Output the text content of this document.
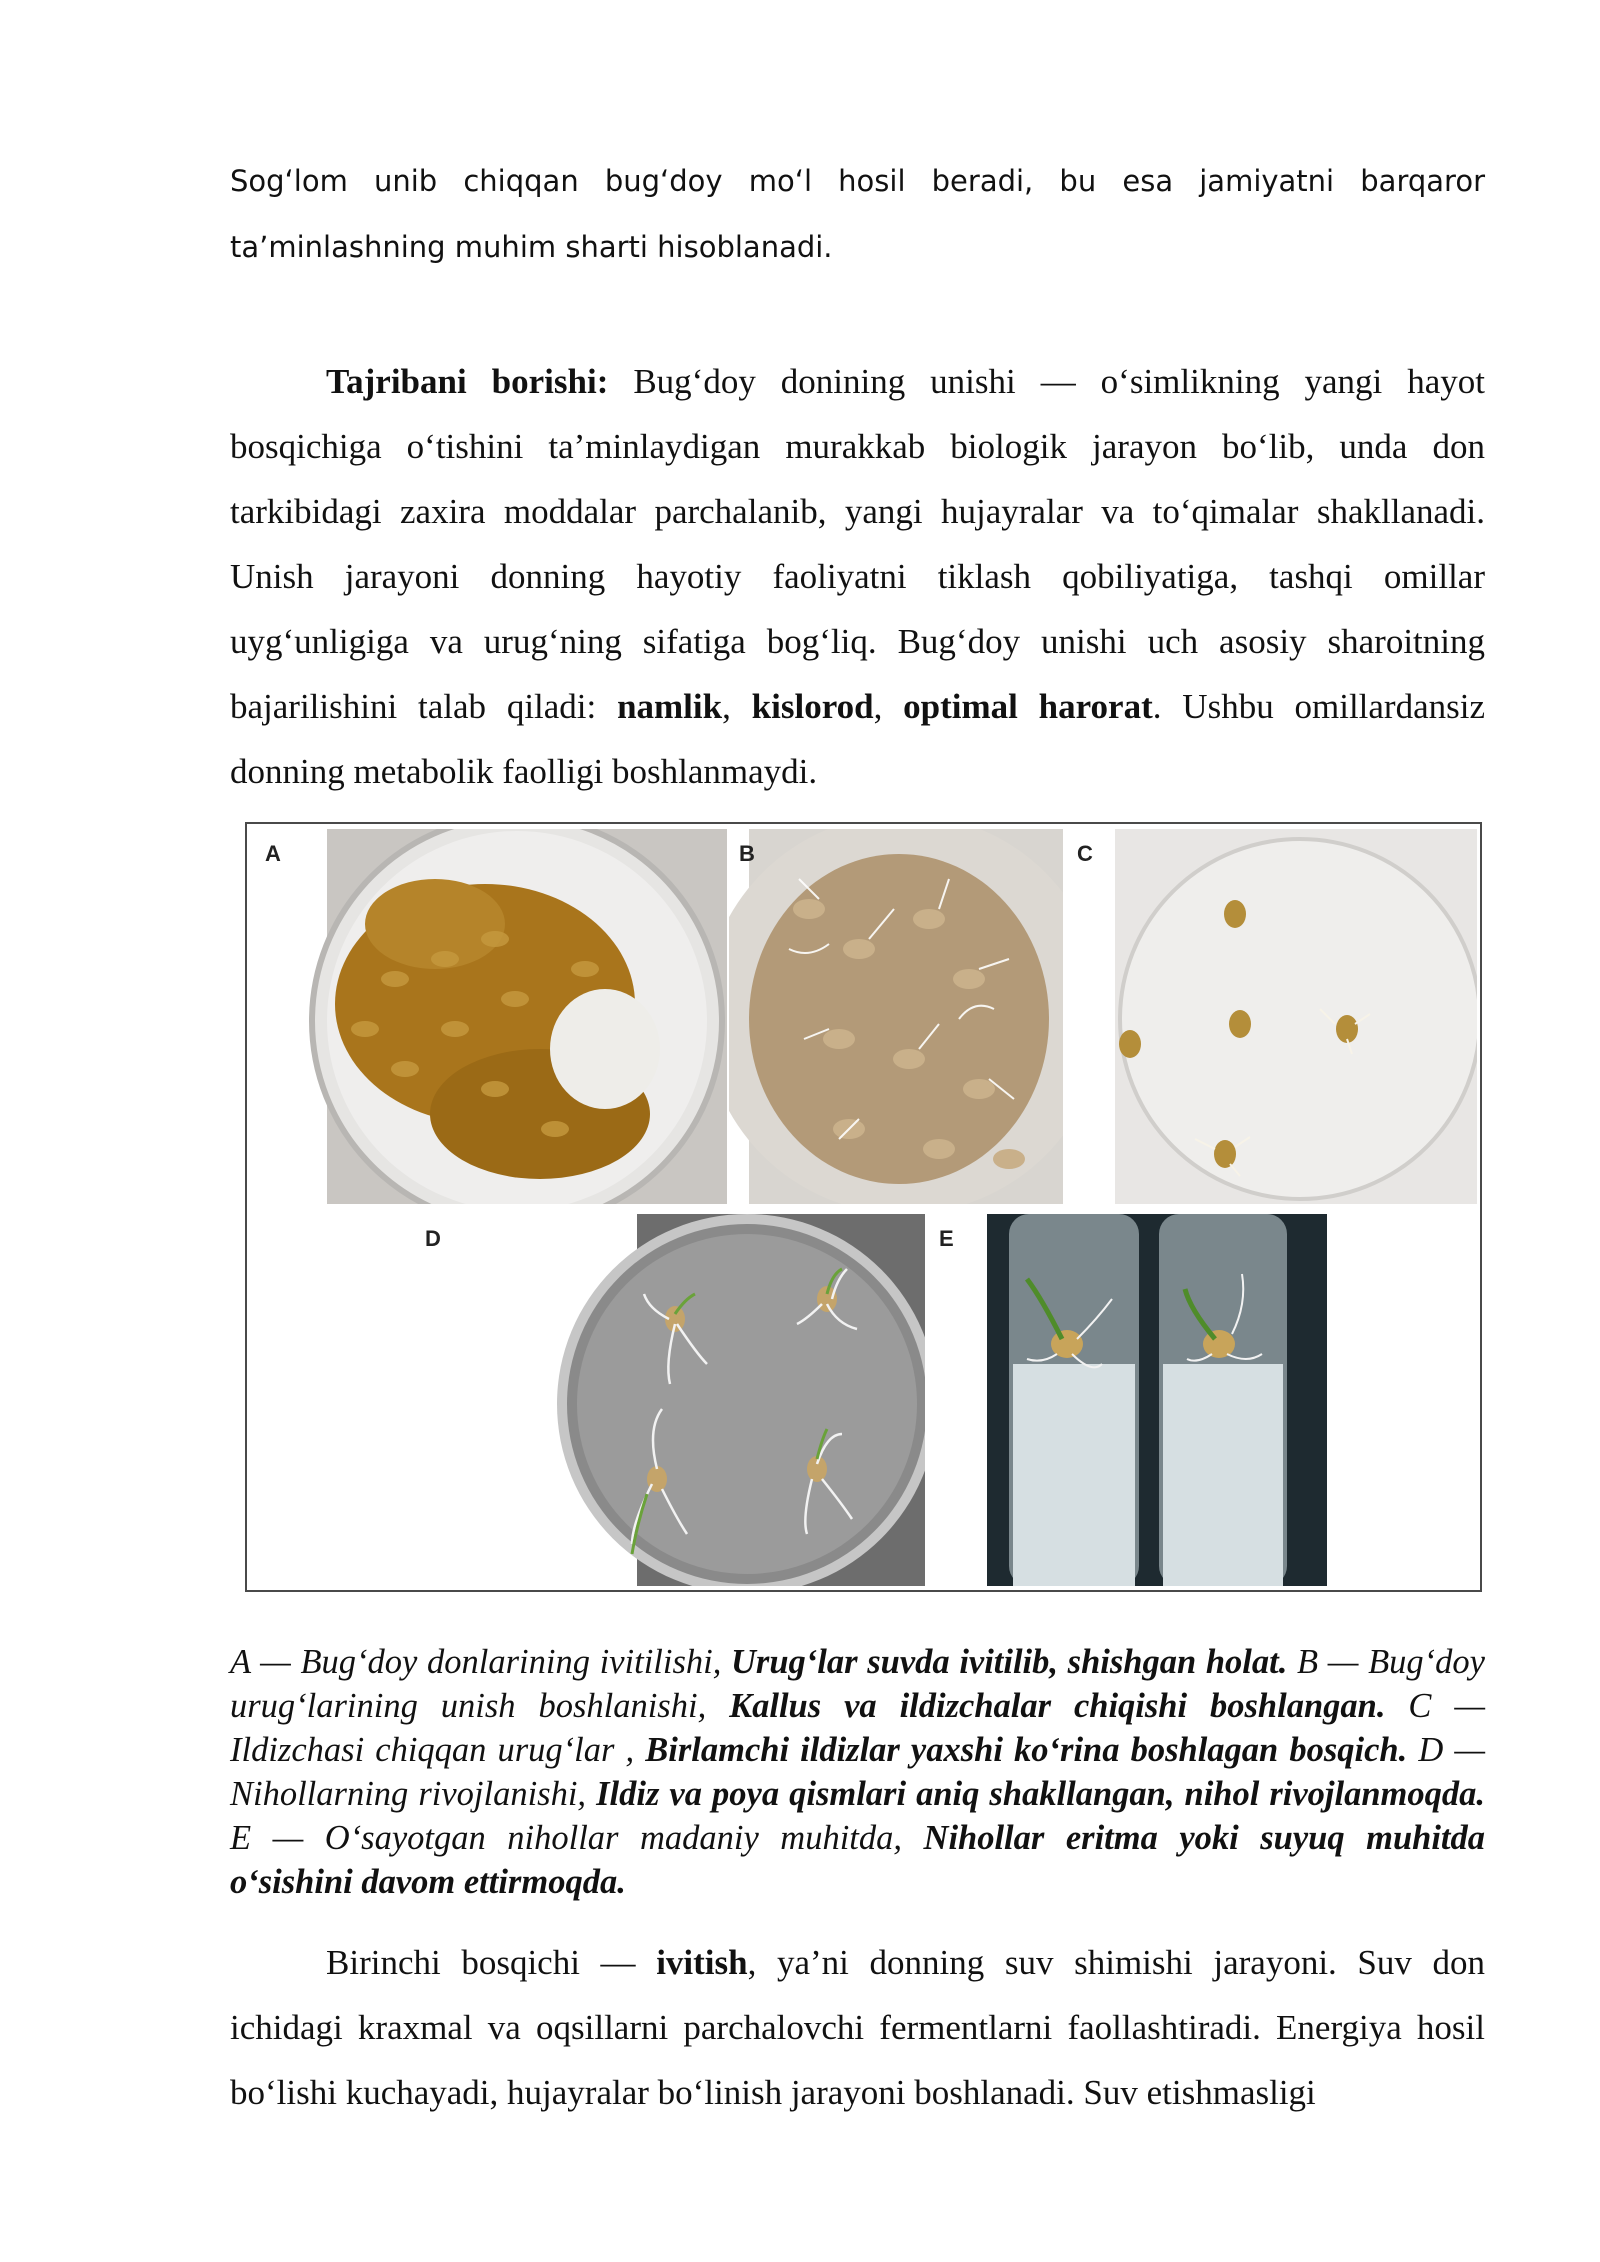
Sog‘lom unib chiqqan bug‘doy mo‘l hosil beradi, bu esa jamiyatni barqaror
ta’minlashning muhim sharti hisoblanadi.
Tajribani borishi: Bug‘doy donining unishi — o‘simlikning yangi hayot bosqichiga o‘tishini ta’minlaydigan murakkab biologik jarayon bo‘lib, unda don tarkibidagi zaxira moddalar parchalanib, yangi hujayralar va to‘qimalar shakllanadi. Unish jarayoni donning hayotiy faoliyatni tiklash qobiliyatiga, tashqi omillar uyg‘unligiga va urug‘ning sifatiga bog‘liq. Bug‘doy unishi uch asosiy sharoitning bajarilishini talab qiladi: namlik, kislorod, optimal harorat. Ushbu omillardansiz donning metabolik faolligi boshlanmaydi.
A	B	C
D	E
A — Bug‘doy donlarining ivitilishi, Urug‘lar suvda ivitilib, shishgan holat. B — Bug‘doy urug‘larining unish boshlanishi, Kallus va ildizchalar chiqishi boshlangan. C — Ildizchasi chiqqan urug‘lar , Birlamchi ildizlar yaxshi ko‘rina boshlagan bosqich. D — Nihollarning rivojlanishi, Ildiz va poya qismlari aniq shakllangan, nihol rivojlanmoqda. E — O‘sayotgan nihollar madaniy muhitda, Nihollar eritma yoki suyuq muhitda o‘sishini davom ettirmoqda.
Birinchi bosqichi — ivitish, ya’ni donning suv shimishi jarayoni. Suv don ichidagi kraxmal va oqsillarni parchalovchi fermentlarni faollashtiradi. Energiya hosil bo‘lishi kuchayadi, hujayralar bo‘linish jarayoni boshlanadi. Suv etishmasligi
